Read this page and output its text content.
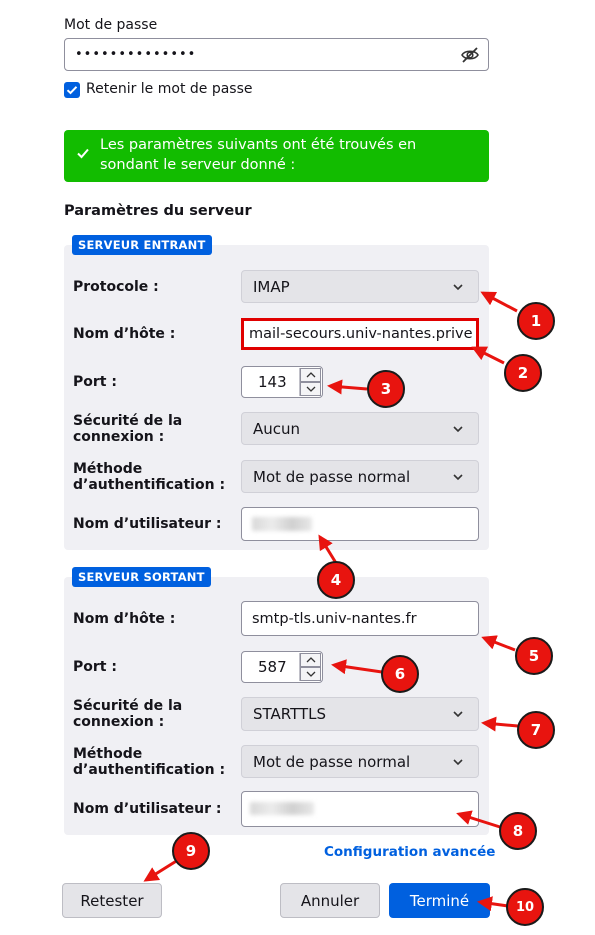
Mot de passe
••••••••••••••
Retenir le mot de passe
Les paramètres suivants ont été trouvés en
sondant le serveur donné :
Paramètres du serveur
SERVEUR ENTRANT
Protocole :	IMAP
Nom d’hôte :	mail-secours.univ-nantes.prive
Port :	143
Sécurité de la
connexion :	Aucun
Méthode
d’authentification : Mot de passe normal
Nom d’utilisateur :
SERVEUR SORTANT
Nom d’hôte :	smtp-tls.univ-nantes.fr
Port :	587
Sécurité de la
connexion :	STARTTLS
Méthode
d’authentification : Mot de passe normal
Nom d’utilisateur :
Configuration avancée
Retester	Annuler	Terminé
1
2
3
4
5
6
7
8
9
10
